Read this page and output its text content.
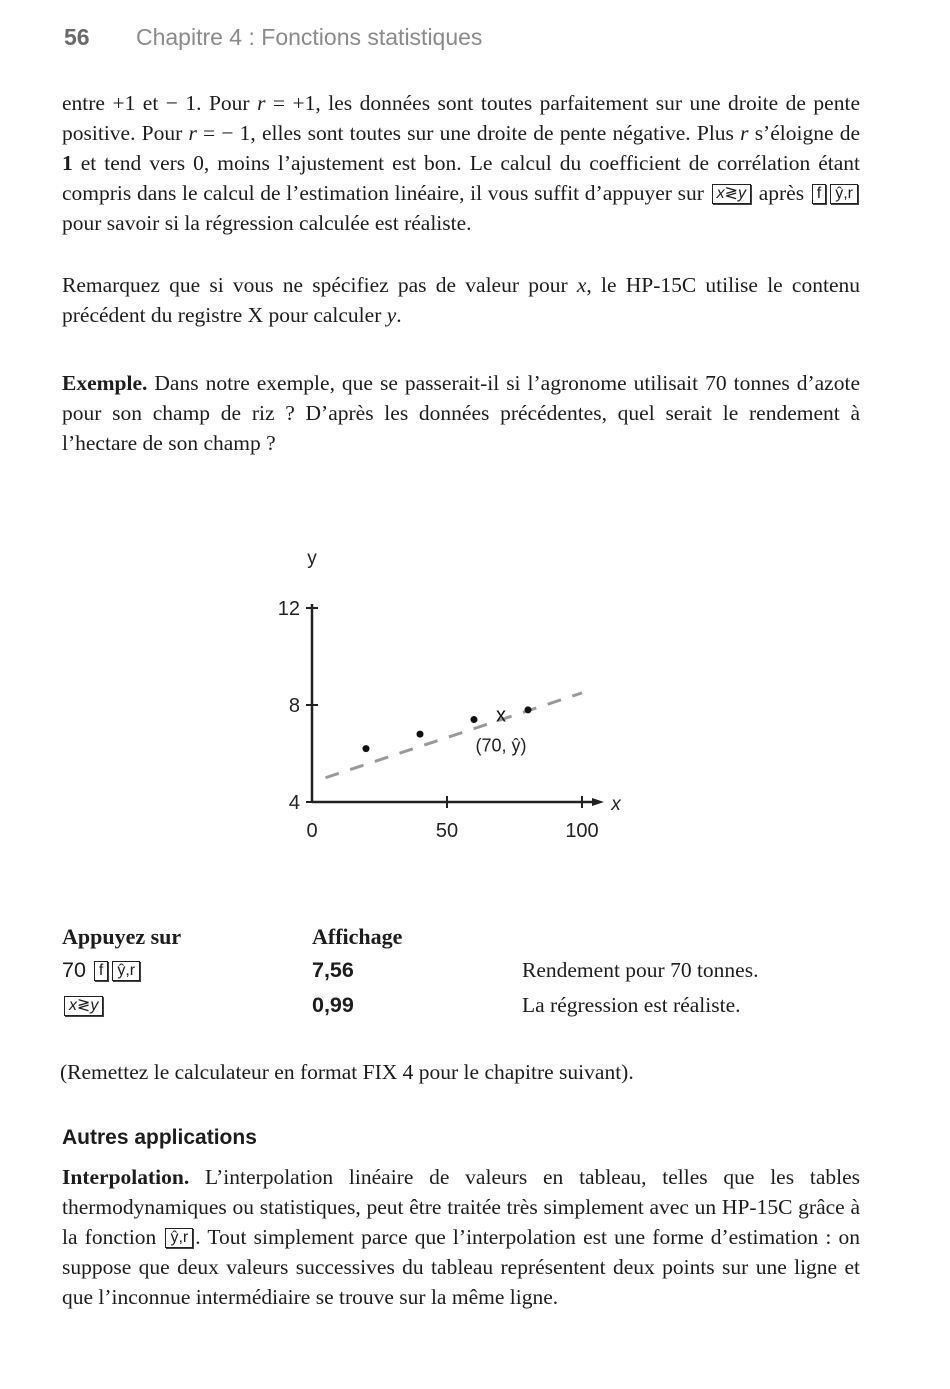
56 Chapitre 4 : Fonctions statistiques
entre +1 et − 1. Pour r = +1, les données sont toutes parfaitement sur une droite de pente positive. Pour r = − 1, elles sont toutes sur une droite de pente négative. Plus r s’éloigne de 1 et tend vers 0, moins l’ajustement est bon. Le calcul du coefficient de corrélation étant compris dans le calcul de l’estimation linéaire, il vous suffit d’appuyer sur x≷y après f ŷ,r pour savoir si la régression calculée est réaliste.
Remarquez que si vous ne spécifiez pas de valeur pour x, le HP-15C utilise le contenu précédent du registre X pour calculer y.
Exemple. Dans notre exemple, que se passerait-il si l’agronome utilisait 70 tonnes d’azote pour son champ de riz ? D’après les données précédentes, quel serait le rendement à l’hectare de son champ ?
4
8
12
0	50	100
y
x
x
(70, ŷ)
Appuyez sur	Affichage
70 f ŷ,r	7,56	Rendement pour 70 tonnes.
x≷y	0,99	La régression est réaliste.
(Remettez le calculateur en format FIX 4 pour le chapitre suivant).
Autres applications
Interpolation. L’interpolation linéaire de valeurs en tableau, telles que les tables thermodynamiques ou statistiques, peut être traitée très simplement avec un HP-15C grâce à la fonction ŷ,r . Tout simplement parce que l’interpolation est une forme d’estimation : on suppose que deux valeurs successives du tableau représentent deux points sur une ligne et que l’inconnue intermédiaire se trouve sur la même ligne.
